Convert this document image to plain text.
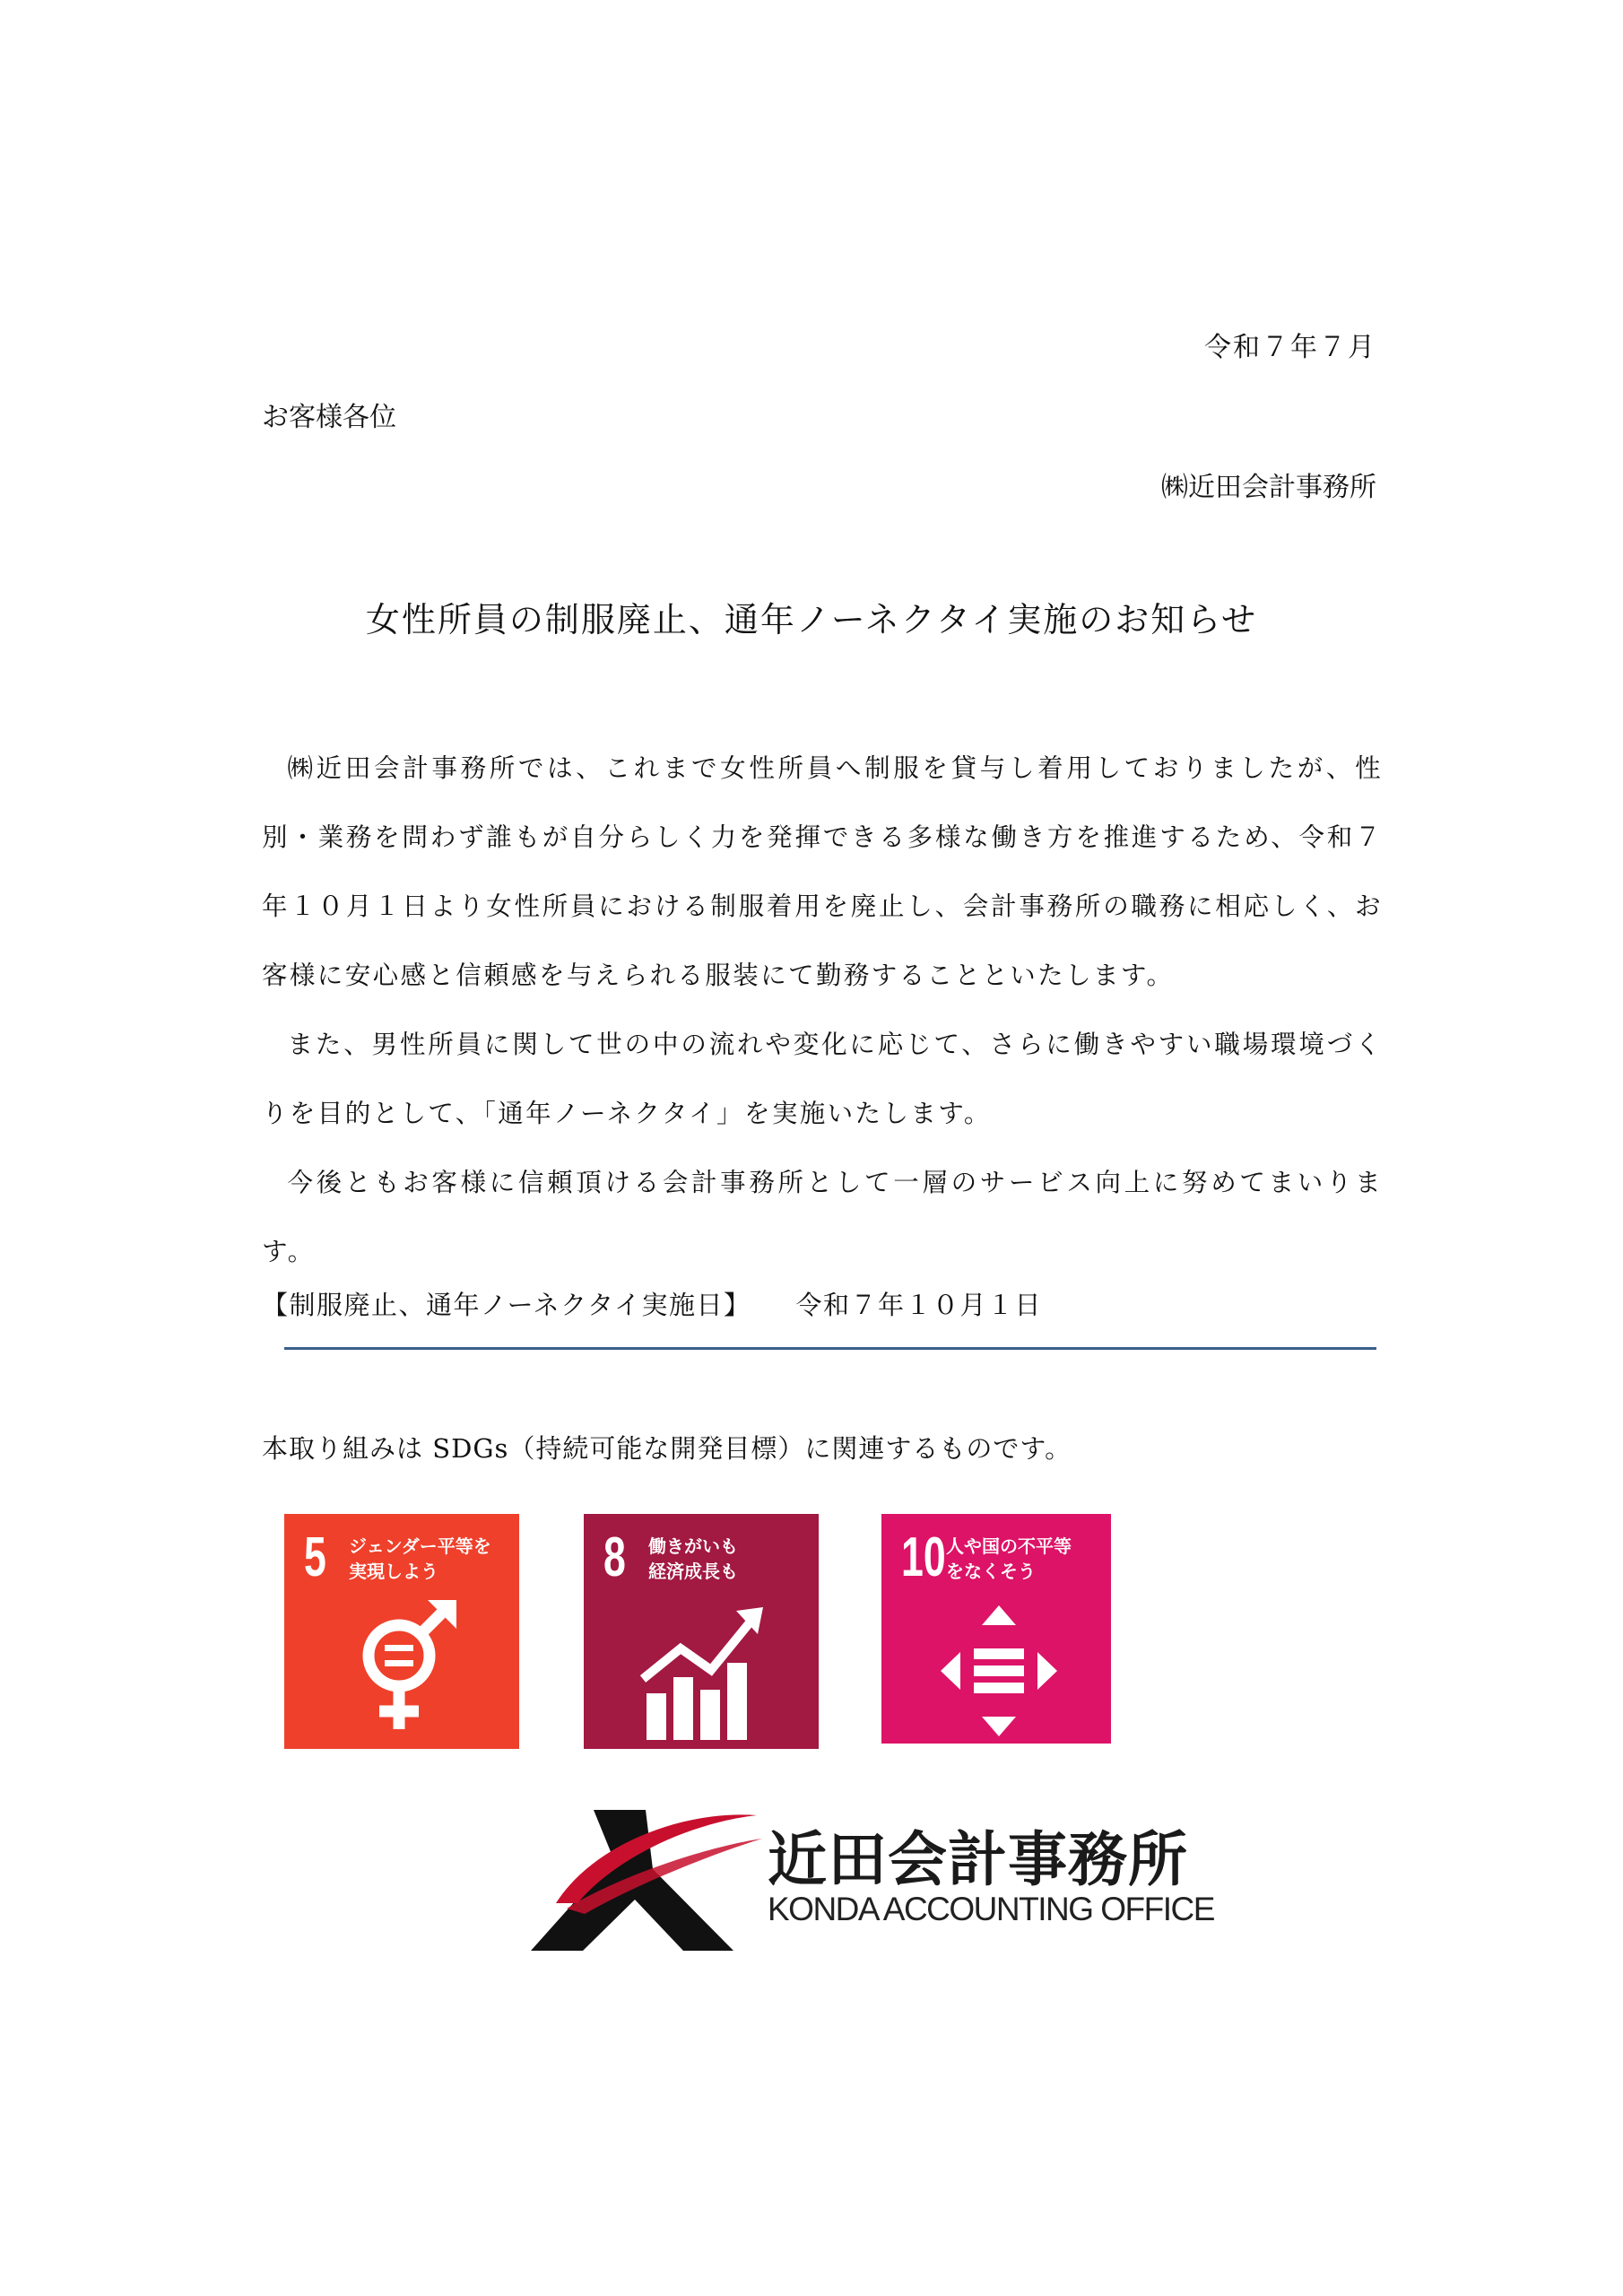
令和７年７月
お客様各位
㈱近田会計事務所
女性所員の制服廃止、通年ノーネクタイ実施のお知らせ

㈱近田会計事務所では、これまで女性所員へ制服を貸与し着用しておりましたが、性別・業務を問わず誰もが自分らしく力を発揮できる多様な働き方を推進するため、令和７年１０月１日より女性所員における制服着用を廃止し、会計事務所の職務に相応しく、お客様に安心感と信頼感を与えられる服装にて勤務することといたします。

また、男性所員に関して世の中の流れや変化に応じて、さらに働きやすい職場環境づくりを目的として、「通年ノーネクタイ」を実施いたします。

今後ともお客様に信頼頂ける会計事務所として一層のサービス向上に努めてまいります。

【制服廃止、通年ノーネクタイ実施日】 令和７年１０月１日
本取り組みは SDGs（持続可能な開発目標）に関連するものです。
5 ジェンダー平等を
実現しよう	8 働きがいも
経済成長も	10 人や国の不平等
をなくそう
近田会計事務所
KONDA ACCOUNTING OFFICE
